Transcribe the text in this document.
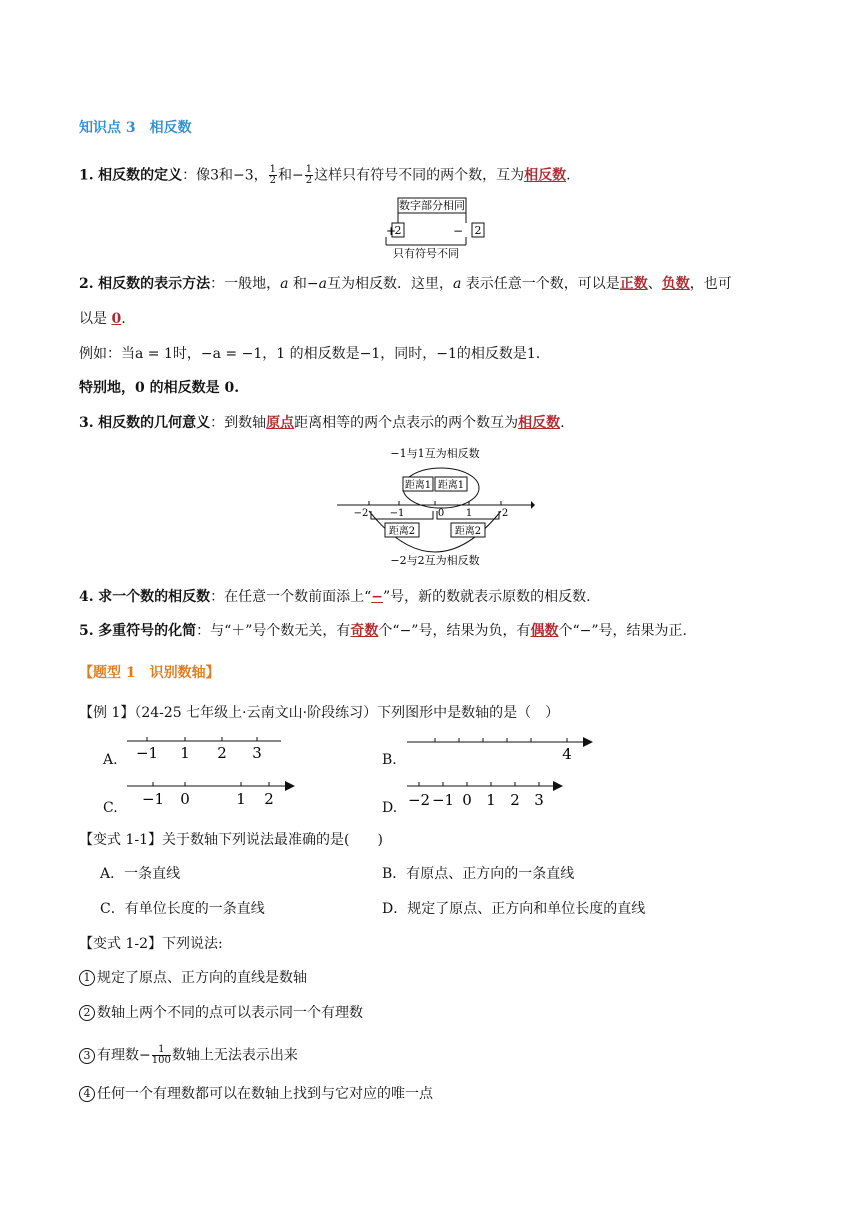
知识点 3　相反数
1. 相反数的定义：像3和−3， $\frac{1}{2}$ 和− $\frac{1}{2}$ 这样只有符号不同的两个数，互为相反数.
数字部分相同
+
2	− 2
只有符号不同
2. 相反数的表示方法：一般地，a 和−a互为相反数．这里，a 表示任意一个数，可以是正数、负数，也可
以是 0.
例如：当a = 1时，−a = −1，1 的相反数是−1，同时，−1的相反数是1.
特别地，0 的相反数是 0.
3. 相反数的几何意义：到数轴原点距离相等的两个点表示的两个数互为相反数.
−1与1互为相反数
距离1 距离1
−2 −1	0 1	2
距离2	距离2
−2与2互为相反数
4. 求一个数的相反数：在任意一个数前面添上“−”号，新的数就表示原数的相反数.
5. 多重符号的化简：与“＋”号个数无关，有奇数个“−”号，结果为负，有偶数个“−”号，结果为正.
【题型 1　识别数轴】
【例 1】（24-25 七年级上·云南文山·阶段练习）下列图形中是数轴的是（　）
A. −1 1 2 3	B.	4
C. −1 0	1 2	D. −2 −1 0 1 2 3
【变式 1-1】关于数轴下列说法最准确的是(　　)
A．一条直线	B．有原点、正方向的一条直线
C．有单位长度的一条直线	D．规定了原点、正方向和单位长度的直线
【变式 1-2】下列说法:
1 规定了原点、正方向的直线是数轴
2 数轴上两个不同的点可以表示同一个有理数
3 有理数− $\frac{1}{100}$ 数轴上无法表示出来
4 任何一个有理数都可以在数轴上找到与它对应的唯一点
